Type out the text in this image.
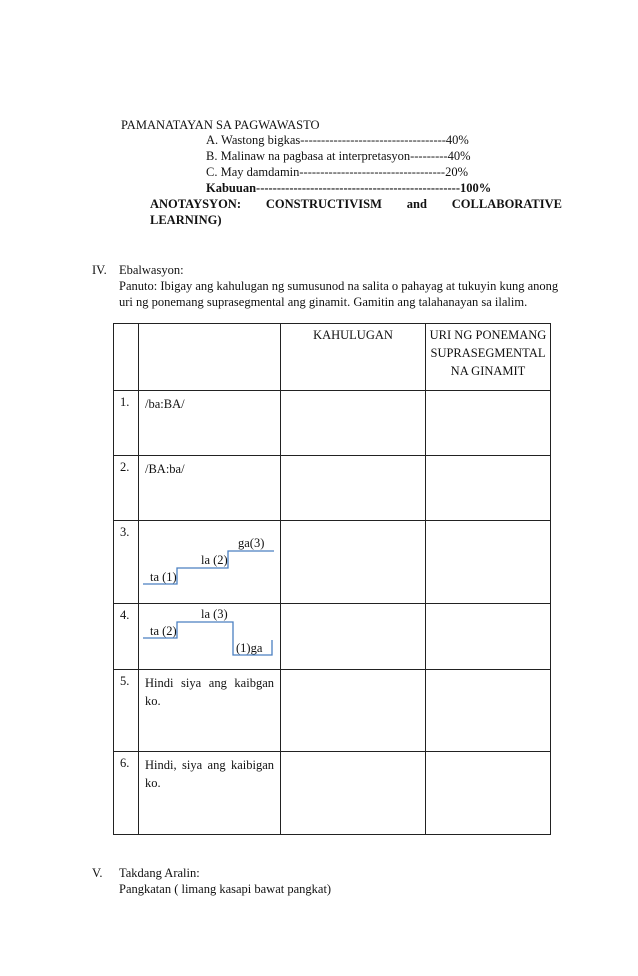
PAMANATAYAN SA PAGWAWASTO
A. Wastong bigkas-----------------------------------40%
B. Malinaw na pagbasa at interpretasyon---------40%
C. May damdamin-----------------------------------20%
Kabuuan-------------------------------------------------100%
ANOTAYSYON: CONSTRUCTIVISM and COLLABORATIVE
LEARNING)
IV. Ebalwasyon:
Panuto: Ibigay ang kahulugan ng sumusunod na salita o pahayag at tukuyin kung anong
uri ng ponemang suprasegmental ang ginamit. Gamitin ang talahanayan sa ilalim.
		KAHULUGAN	URI NG PONEMANG SUPRASEGMENTAL NA GINAMIT
1.	/ba:BA/		
2.	/BA:ba/		
3.	ga(3)
la (2)
ta (1)		

4.	la (3)
ta (2)
(1)ga		

5.	Hindi siya ang kaibgan ko.		
6.	Hindi, siya ang kaibigan ko.		
V. Takdang Aralin:
Pangkatan ( limang kasapi bawat pangkat)
